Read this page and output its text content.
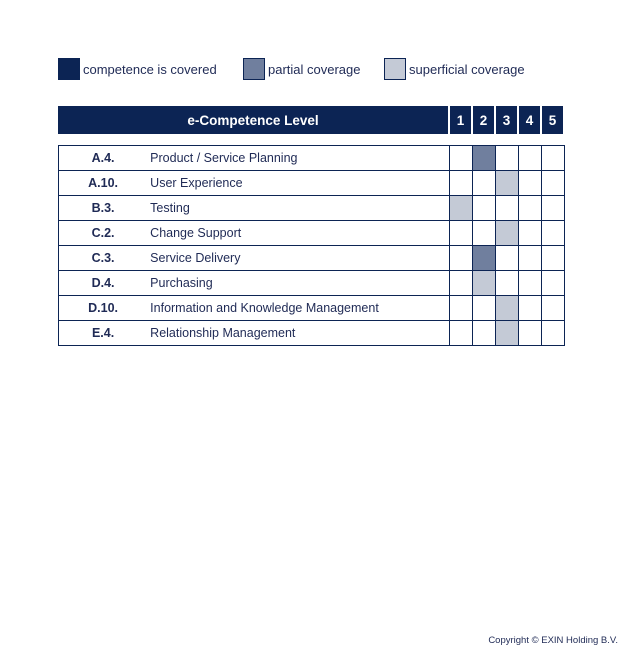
competence is covered	partial coverage	superficial coverage
e-Competence Level	1	2	3	4	5
A.4.	Product / Service Planning					
A.10.	User Experience					
B.3.	Testing					
C.2.	Change Support					
C.3.	Service Delivery					
D.4.	Purchasing					
D.10.	Information and Knowledge Management					
E.4.	Relationship Management					
Copyright © EXIN Holding B.V.
